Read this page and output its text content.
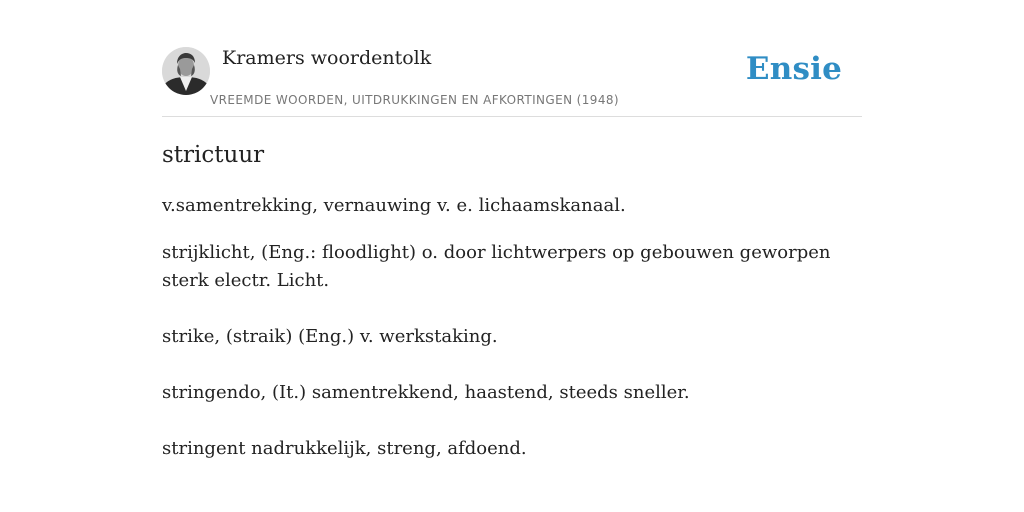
Kramers woordentolk
VREEMDE WOORDEN, UITDRUKKINGEN EN AFKORTINGEN (1948)
Ensie
strictuur

v.samentrekking, vernauwing v. e. lichaamskanaal.

strijklicht, (Eng.: floodlight) o. door lichtwerpers op gebouwen geworpen sterk electr. Licht.

strike, (straik) (Eng.) v. werkstaking.

stringendo, (It.) samentrekkend, haastend, steeds sneller.

stringent nadrukkelijk, streng, afdoend.
